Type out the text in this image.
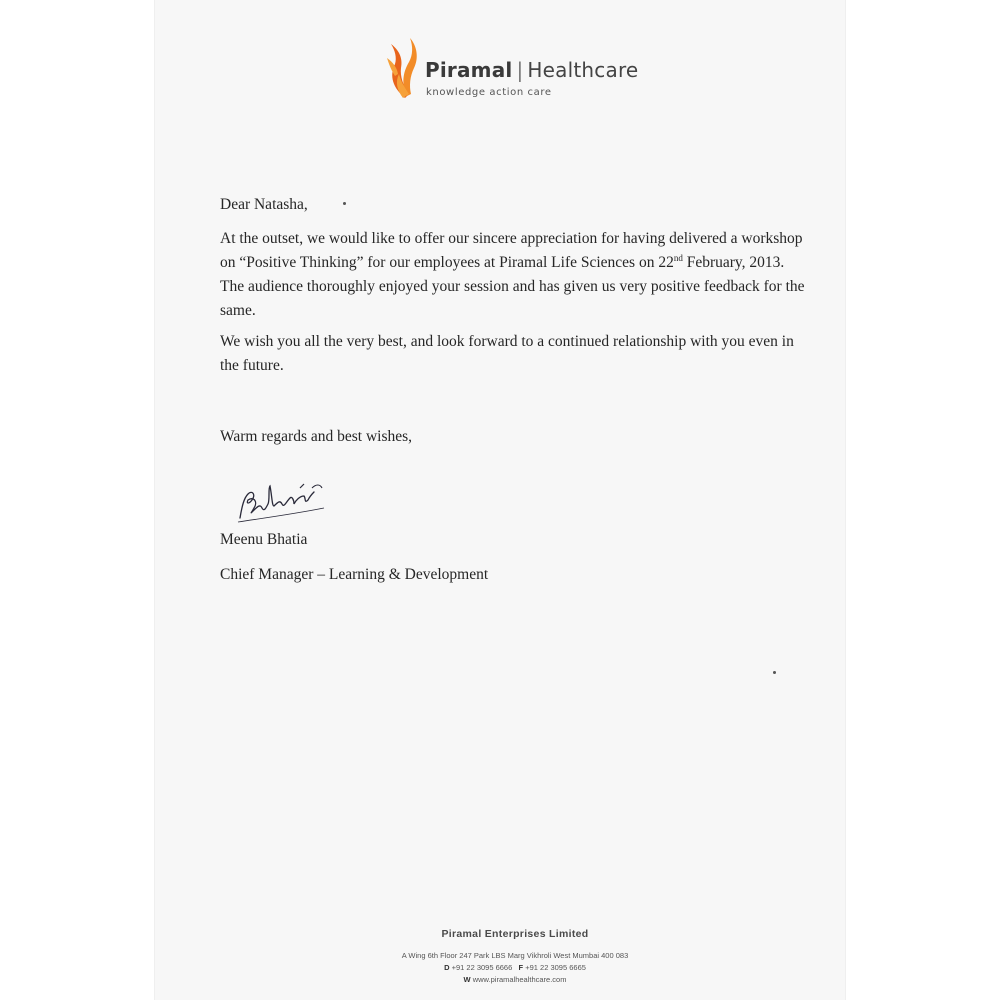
Piramal | Healthcare
knowledge action care
Dear Natasha,
At the outset, we would like to offer our sincere appreciation for having delivered a workshop on “Positive Thinking” for our employees at Piramal Life Sciences on 22nd February, 2013. The audience thoroughly enjoyed your session and has given us very positive feedback for the same.
We wish you all the very best, and look forward to a continued relationship with you even in the future.
Warm regards and best wishes,
Meenu Bhatia
Chief Manager – Learning & Development
Piramal Enterprises Limited
A Wing 6th Floor 247 Park LBS Marg Vikhroli West Mumbai 400 083
D +91 22 3095 6666 F +91 22 3095 6665
W www.piramalhealthcare.com
